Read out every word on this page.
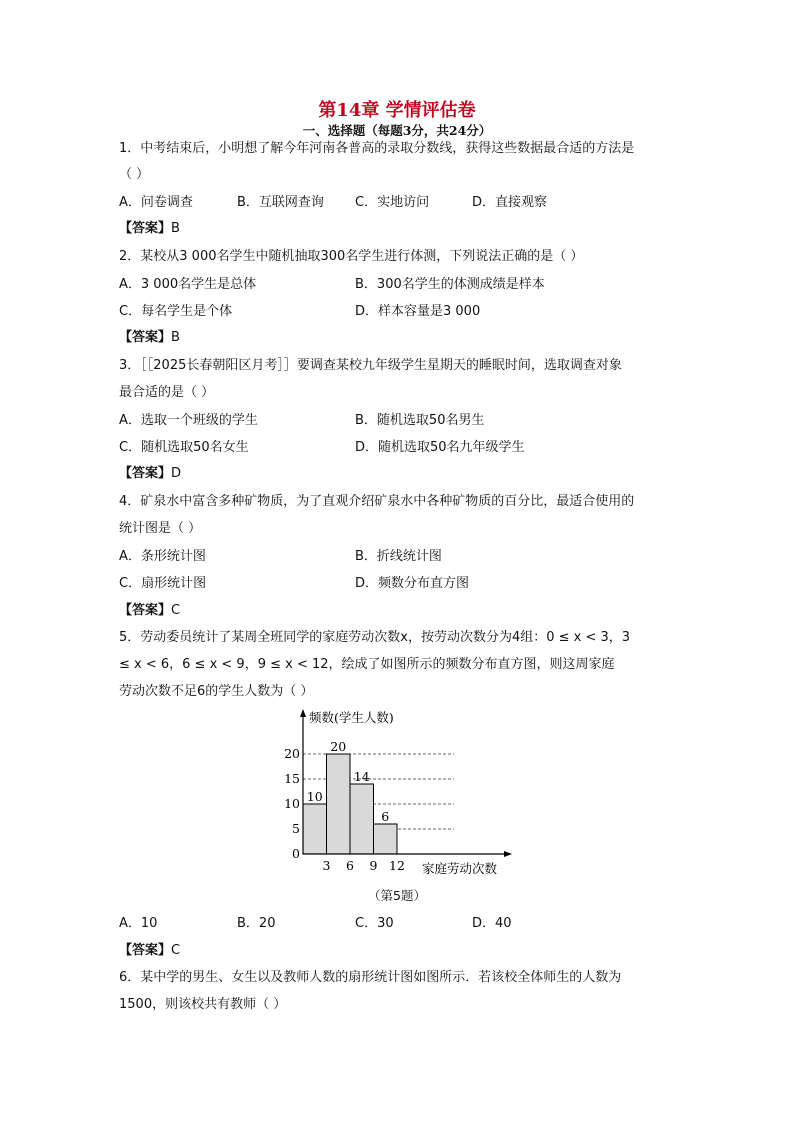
第14章 学情评估卷
一、选择题（每题3分，共24分）
1．中考结束后，小明想了解今年河南各普高的录取分数线，获得这些数据最合适的方法是
（ ）
A．问卷调查	B．互联网查询 C．实地访问	D．直接观察
【答案】B
2．某校从3 000名学生中随机抽取300名学生进行体测，下列说法正确的是（ ）
A．3 000名学生是总体	B．300名学生的体测成绩是样本
C．每名学生是个体	D．样本容量是3 000
【答案】B
3．［［2025长春朝阳区月考］］要调查某校九年级学生星期天的睡眠时间，选取调查对象
最合适的是（ ）
A．选取一个班级的学生	B．随机选取50名男生
C．随机选取50名女生	D．随机选取50名九年级学生
【答案】D
4．矿泉水中富含多种矿物质，为了直观介绍矿泉水中各种矿物质的百分比，最适合使用的
统计图是（ ）
A．条形统计图	B．折线统计图
C．扇形统计图	D．频数分布直方图
【答案】C
5．劳动委员统计了某周全班同学的家庭劳动次数x，按劳动次数分为4组：0 ≤ x < 3，3
≤ x < 6，6 ≤ x < 9，9 ≤ x < 12，绘成了如图所示的频数分布直方图，则这周家庭
劳动次数不足6的学生人数为（ ）
10
20
14
6
0
5
10
15
20
3 6 9 12
频数(学生人数)
家庭劳动次数
（第5题）
A．10	B．20	C．30	D．40
【答案】C
6．某中学的男生、女生以及教师人数的扇形统计图如图所示．若该校全体师生的人数为
1500，则该校共有教师（ ）
